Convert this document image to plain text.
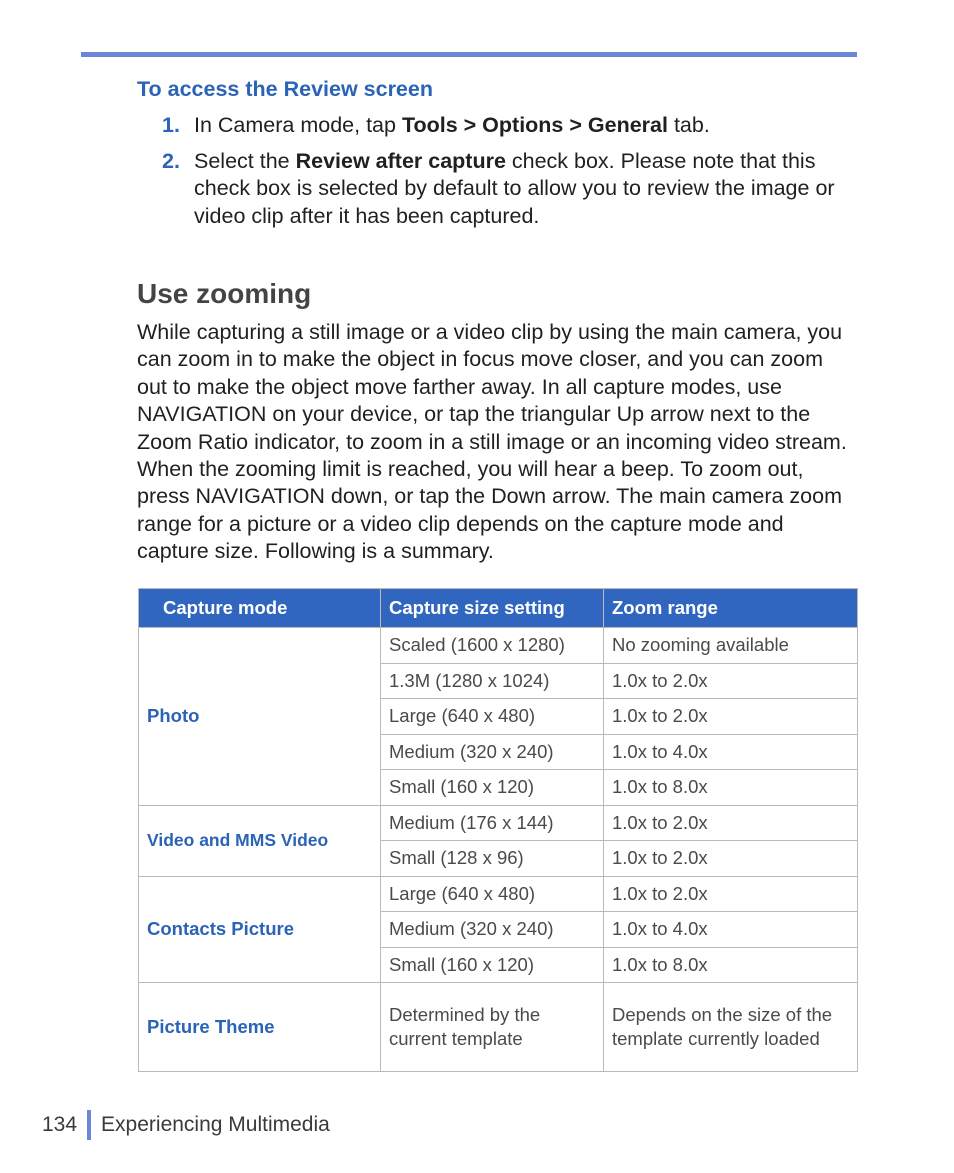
To access the Review screen
1. In Camera mode, tap Tools > Options > General tab.
2. Select the Review after capture check box. Please note that this check box is selected by default to allow you to review the image or video clip after it has been captured.
Use zooming

While capturing a still image or a video clip by using the main camera, you can zoom in to make the object in focus move closer, and you can zoom out to make the object move farther away. In all capture modes, use NAVIGATION on your device, or tap the triangular Up arrow next to the Zoom Ratio indicator, to zoom in a still image or an incoming video stream. When the zooming limit is reached, you will hear a beep. To zoom out, press NAVIGATION down, or tap the Down arrow. The main camera zoom range for a picture or a video clip depends on the capture mode and capture size. Following is a summary.

Capture mode	Capture size setting	Zoom range
Photo	Scaled (1600 x 1280)	No zooming available
	1.3M (1280 x 1024)	1.0x to 2.0x
	Large (640 x 480)	1.0x to 2.0x
	Medium (320 x 240)	1.0x to 4.0x
	Small (160 x 120)	1.0x to 8.0x
Video and MMS Video	Medium (176 x 144)	1.0x to 2.0x
	Small (128 x 96)	1.0x to 2.0x
Contacts Picture	Large (640 x 480)	1.0x to 2.0x
	Medium (320 x 240)	1.0x to 4.0x
	Small (160 x 120)	1.0x to 8.0x
Picture Theme	Determined by the current template	Depends on the size of the template currently loaded
134 Experiencing Multimedia
